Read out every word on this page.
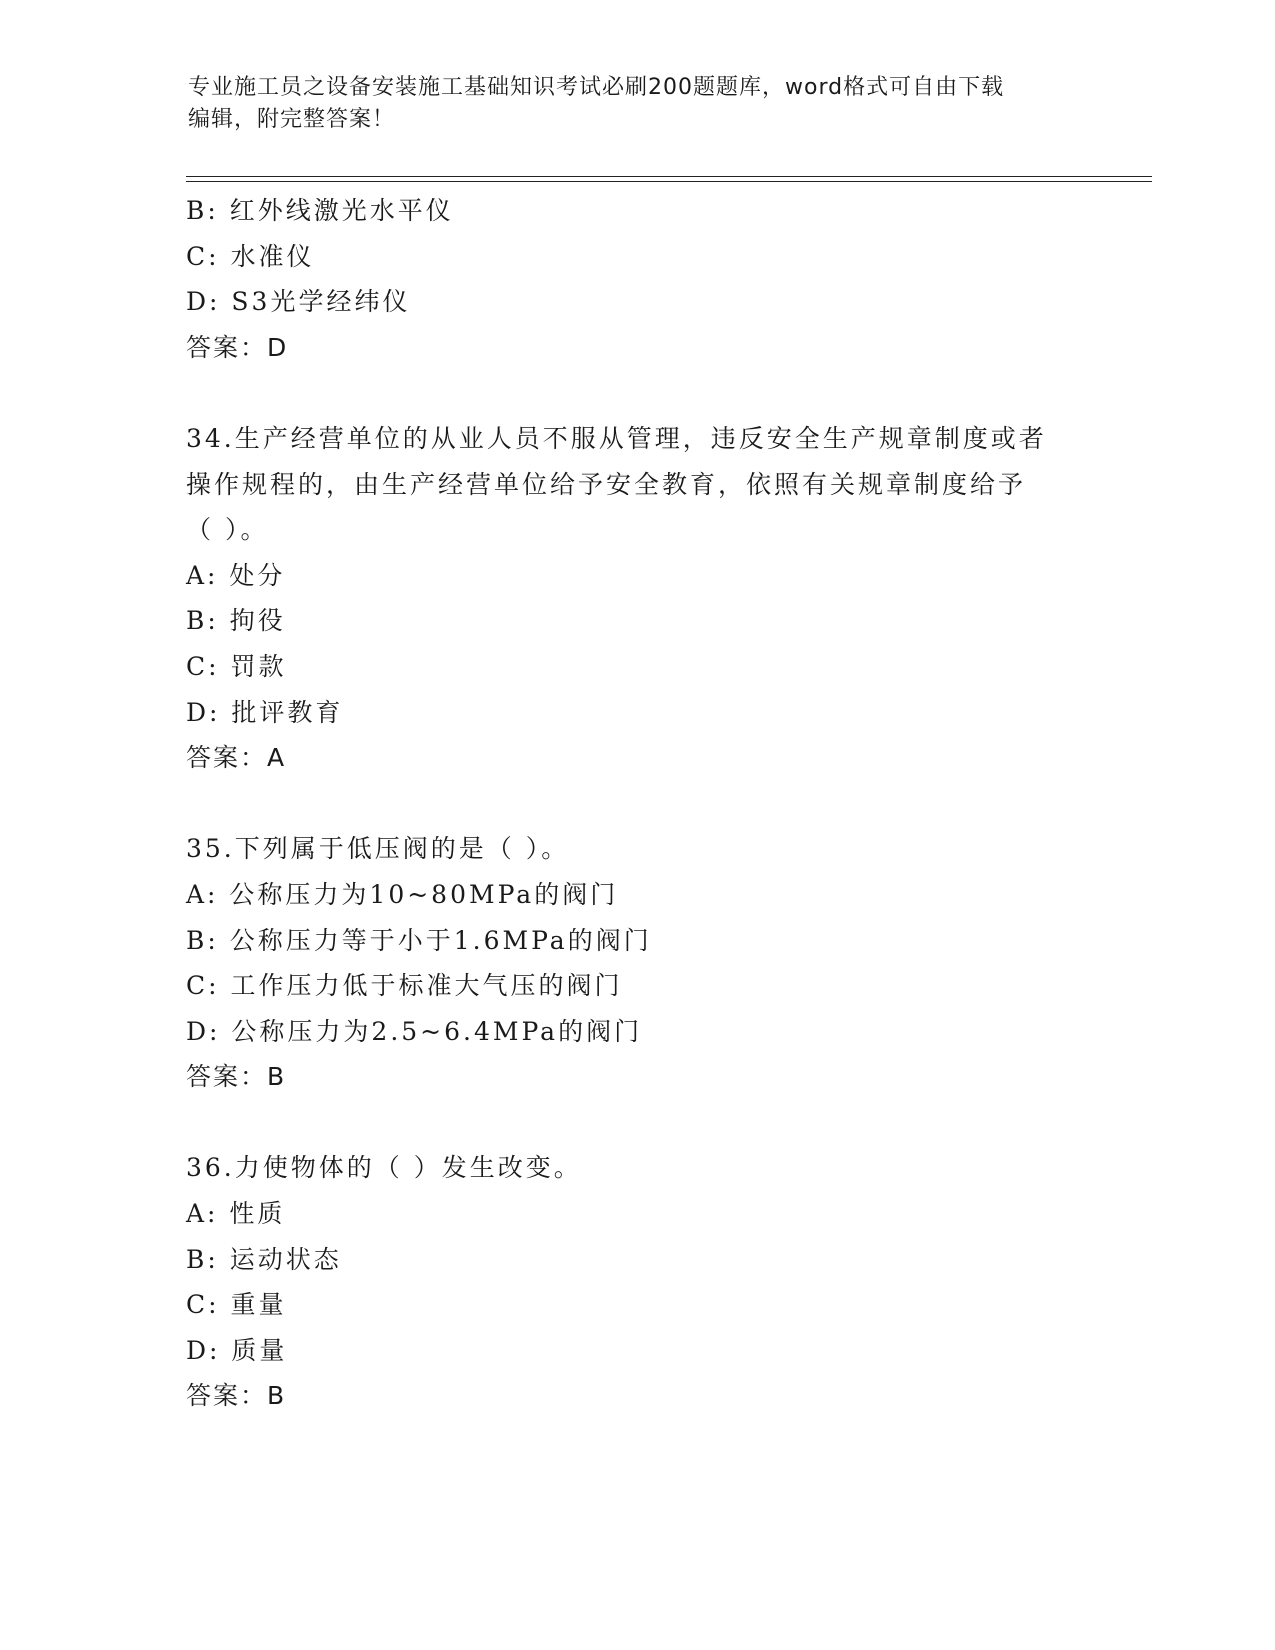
专业施工员之设备安装施工基础知识考试必刷200题题库，word格式可自由下载
编辑，附完整答案！
B: 红外线激光水平仪
C: 水准仪
D: S3光学经纬仪
答案：D
34.生产经营单位的从业人员不服从管理，违反安全生产规章制度或者
操作规程的，由生产经营单位给予安全教育，依照有关规章制度给予
（ ）。
A: 处分
B: 拘役
C: 罚款
D: 批评教育
答案：A
35.下列属于低压阀的是（ ）。
A: 公称压力为10~80MPa的阀门
B: 公称压力等于小于1.6MPa的阀门
C: 工作压力低于标准大气压的阀门
D: 公称压力为2.5~6.4MPa的阀门
答案：B
36.力使物体的（ ）发生改变。
A: 性质
B: 运动状态
C: 重量
D: 质量
答案：B
